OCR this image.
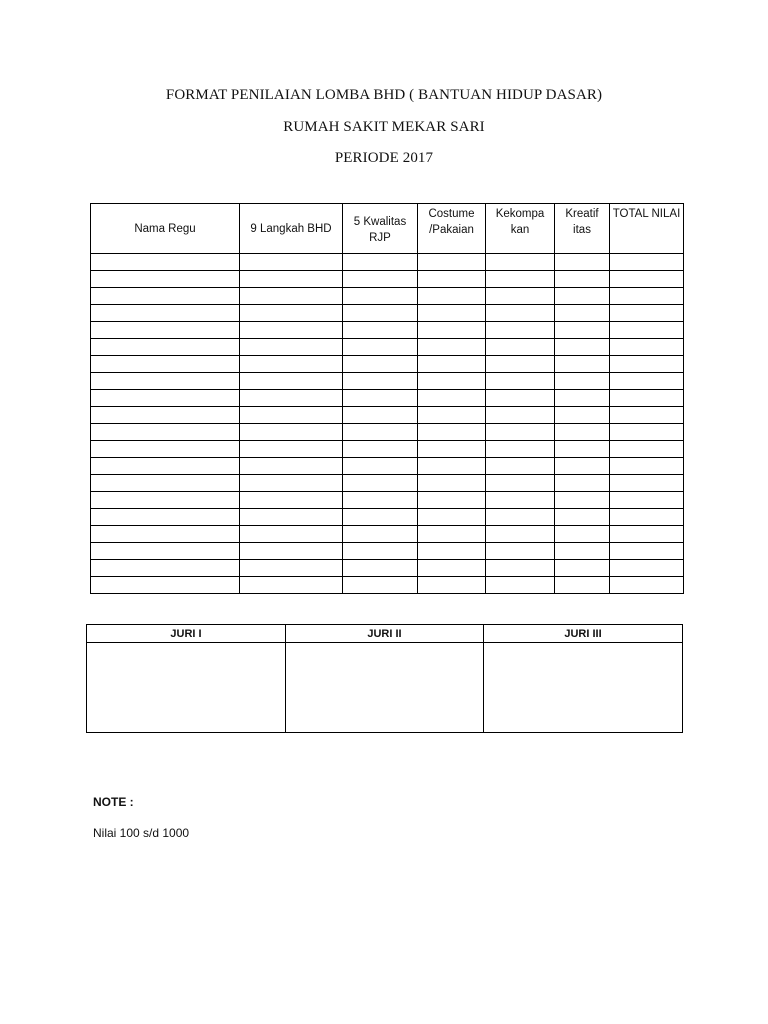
FORMAT PENILAIAN LOMBA BHD ( BANTUAN HIDUP DASAR)
RUMAH SAKIT MEKAR SARI
PERIODE 2017
Nama Regu	9 Langkah BHD	5 Kwalitas RJP	Costume /Pakaian	Kekompa kan	Kreatif itas	TOTAL NILAI

JURI I	JURI II	JURI III

NOTE :
Nilai 100 s/d 1000
